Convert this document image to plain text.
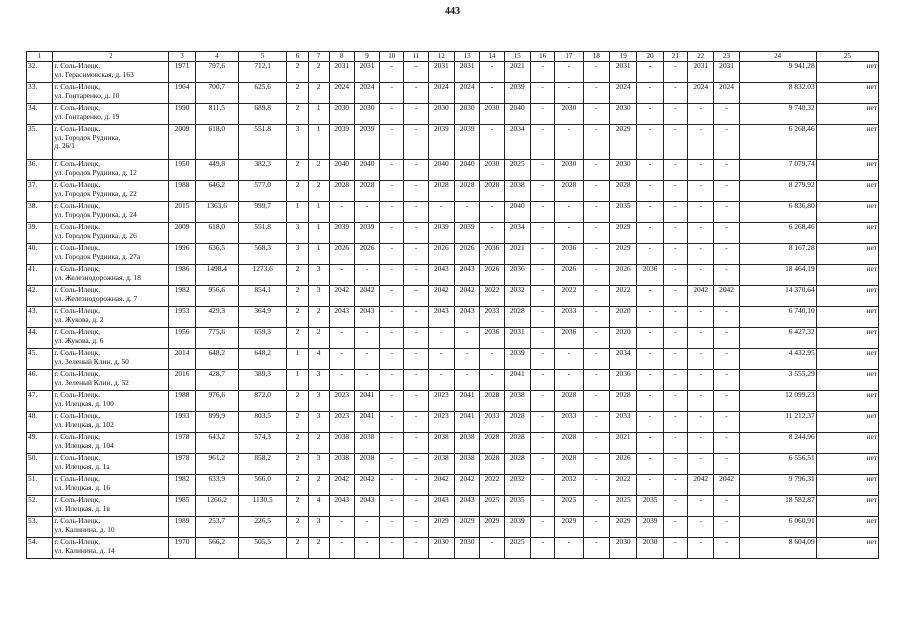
443
1	2	3	4	5	6	7	8	9	10	11	12	13	14	15	16	17	18	19	20	21	22	23	24	25
32.	г. Соль-Илецк,
ул. Герасимовская, д. 163	1971	797,6	712,1	2	2	2031	2031	-	-	2031	2031	-	2021	-	-	-	2031	-	-	2031	2031	9 941,28	нет
33.	г. Соль-Илецк,
ул. Гонтаренко, д. 10	1964	700,7	625,6	2	2	2024	2024	-	-	2024	2024	-	2039	-	-	-	2024	-	-	2024	2024	8 832,03	нет
34.	г. Соль-Илецк,
ул. Гонтаренко, д. 19	1990	811,5	689,8	2	1	2030	2030	-	-	2030	2030	2030	2040	-	2030	-	2030	-	-	-	-	9 740,32	нет
35.	г. Соль-Илецк,
ул. Городок Рудника,
д. 26/1	2009	618,0	551,8	3	1	2039	2039	-	-	2039	2039	-	2034	-	-	-	2029	-	-	-	-	6 268,46	нет
36.	г. Соль-Илецк,
ул. Городок Рудника, д. 12	1950	449,8	382,3	2	2	2040	2040	-	-	2040	2040	2030	2025	-	2030	-	2030	-	-	-	-	7 079,74	нет
37.	г. Соль-Илецк,
ул. Городок Рудника, д. 22	1988	646,2	577,0	2	2	2028	2028	-	-	2028	2028	2028	2038	-	2028	-	2028	-	-	-	-	8 279,92	нет
38.	г. Соль-Илецк,
ул. Городок Рудника, д. 24	2015	1363,6	999,7	1	1	-	-	-	-	-	-	-	2040	-	-	-	2035	-	-	-	-	6 836,80	нет
39.	г. Соль-Илецк,
ул. Городок Рудника, д. 26	2009	618,0	551,8	3	1	2039	2039	-	-	2039	2039	-	2034	-	-	-	2029	-	-	-	-	6 268,46	нет
40.	г. Соль-Илецк,
ул. Городок Рудника, д. 27а	1996	636,5	568,3	3	1	2026	2026	-	-	2026	2026	2036	2021	-	2036	-	2029	-	-	-	-	8 167,28	нет
41.	г. Соль-Илецк,
ул. Железнодорожная, д. 18	1986	1498,4	1273,6	2	3	-	-	-	-	2043	2043	2026	2036	-	2026	-	2026	2036	-	-	-	18 464,19	нет
42.	г. Соль-Илецк,
ул. Железнодорожная, д. 7	1982	956,6	854,1	2	3	2042	2042	-	-	2042	2042	2022	2032	-	2022	-	2022	-	-	2042	2042	14 370,64	нет
43.	г. Соль-Илецк,
ул. Жукова, д. 2	1953	429,3	364,9	2	2	2043	2043	-	-	2043	2043	2033	2028	-	2033	-	2020	-	-	-	-	6 740,10	нет
44.	г. Соль-Илецк,
ул. Жукова, д. 6	1956	775,6	659,3	2	2	-	-	-	-	-	-	2036	2031	-	2036	-	2020	-	-	-	-	6 427,32	нет
45.	г. Соль-Илецк,
ул. Зеленый Клин, д. 50	2014	648,2	648,2	1	4	-	-	-	-	-	-	-	2039	-	-	-	2034	-	-	-	-	4 432,95	нет
46.	г. Соль-Илецк,
ул. Зеленый Клин, д. 52	2016	428,7	389,3	1	3	-	-	-	-	-	-	-	2041	-	-	-	2036	-	-	-	-	3 555,29	нет
47.	г. Соль-Илецк,
ул. Илецкая, д. 100	1988	976,6	872,0	2	3	2023	2041	-	-	2023	2041	2028	2038	-	2028	-	2028	-	-	-	-	12 099,23	нет
48.	г. Соль-Илецк,
ул. Илецкая, д. 102	1993	899,9	803,5	2	3	2023	2041	-	-	2023	2041	2033	2028	-	2033	-	2033	-	-	-	-	11 212,37	нет
49.	г. Соль-Илецк,
ул. Илецкая, д. 104	1978	643,2	574,3	2	2	2038	2038	-	-	2038	2038	2028	2028	-	2028	-	2021	-	-	-	-	8 244,96	нет
50.	г. Соль-Илецк,
ул. Илецкая, д. 1а	1978	961,2	858,2	2	3	2038	2038	-	-	2038	2038	2028	2028	-	2028	-	2026	-	-	-	-	6 556,51	нет
51.	г. Соль-Илецк,
ул. Илецкая, д. 16	1982	633,9	566,0	2	2	2042	2042	-	-	2042	2042	2022	2032	-	2032	-	2022	-	-	2042	2042	9 796,31	нет
52.	г. Соль-Илецк,
ул. Илецкая, д. 1в	1985	1266,2	1130,5	2	4	2043	2043	-	-	2043	2043	2025	2035	-	2025	-	2025	2035	-	-	-	18 582,87	нет
53.	г. Соль-Илецк,
ул. Калинина, д. 10	1989	253,7	226,5	2	3	-	-	-	-	2029	2029	2029	2039	-	2029	-	2029	2039	-	-	-	6 060,91	нет
54.	г. Соль-Илецк,
ул. Калинина, д. 14	1970	566,2	505,5	2	2	-	-	-	-	2030	2030	-	2025	-	-	-	2030	2030	-	-	-	8 604,09	нет
